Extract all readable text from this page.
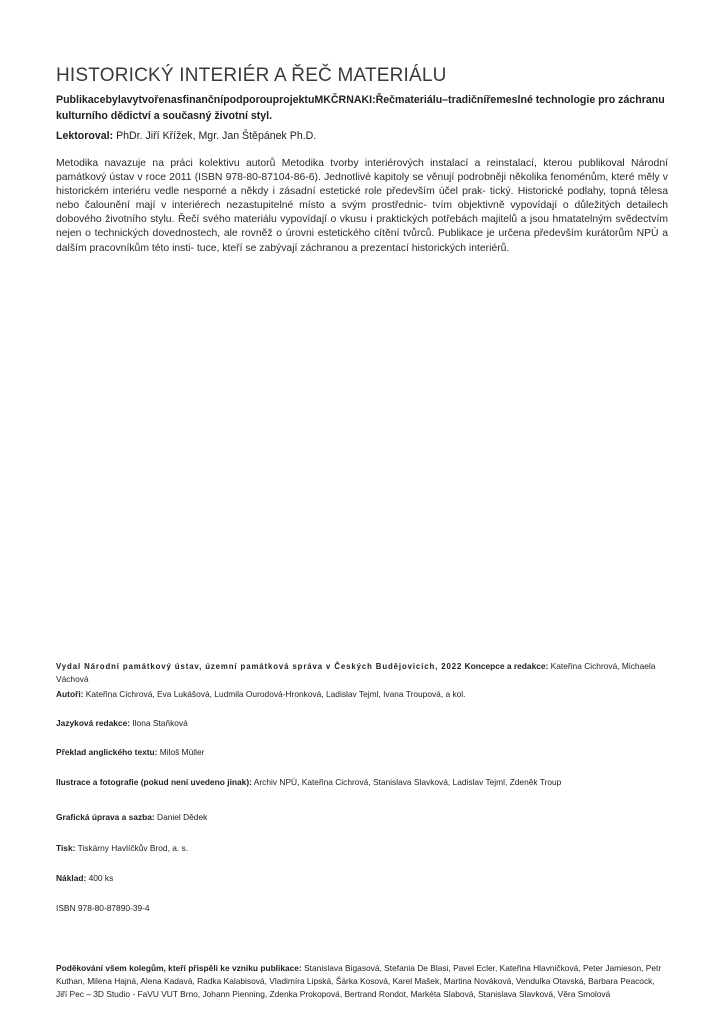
HISTORICKÝ INTERIÉR A ŘEČ MATERIÁLU
PublikacebylavytvořenasfinančnípodporouprojektuMKČRNAKI:Řečmateriálu–tradičnířemeslné technologie pro záchranu kulturního dědictví a současný životní styl.
Lektoroval: PhDr. Jiří Křížek, Mgr. Jan Štěpánek Ph.D.
Metodika navazuje na práci kolektivu autorů Metodika tvorby interiérových instalací a reinstalací, kterou publikoval Národní památkový ústav v roce 2011 (ISBN 978-80-87104-86-6). Jednotlivé kapitoly se věnují podrobněji několika fenoménům, které měly v historickém interiéru vedle nesporné a někdy i zásadní estetické role především účel prak- tický. Historické podlahy, topná tělesa nebo čalounění mají v interiérech nezastupitelné místo a svým prostřednic- tvím objektivně vypovídají o důležitých detailech dobového životního stylu. Řečí svého materiálu vypovídají o vkusu i praktických potřebách majitelů a jsou hmatatelným svědectvím nejen o technických dovednostech, ale rovněž o úrovni estetického cítění tvůrců. Publikace je určena především kurátorům NPÚ a dalším pracovníkům této insti- tuce, kteří se zabývají záchranou a prezentací historických interiérů.
Vydal Národní památkový ústav, územní památková správa v Českých Budějovicích, 2022 Koncepce a redakce: Kateřina Cichrová, Michaela Váchová
Autoři: Kateřina Cichrová, Eva Lukášová, Ludmila Ourodová-Hronková, Ladislav Tejml, Ivana Troupová, a kol.
Jazyková redakce: Ilona Staňková
Překlad anglického textu: Miloš Müller
Ilustrace a fotografie (pokud není uvedeno jinak): Archiv NPÚ, Kateřina Cichrová, Stanislava Slavková, Ladislav Tejml, Zdeněk Troup
Grafická úprava a sazba: Daniel Dědek
Tisk: Tiskárny Havlíčkův Brod, a. s.
Náklad: 400 ks
ISBN 978-80-87890-39-4
Poděkování všem kolegům, kteří přispěli ke vzniku publikace: Stanislava Bigasová, Stefania De Blasi, Pavel Ecler, Kateřina Hlavničková, Peter Jamieson, Petr Kuthan, Milena Hajná, Alena Kadavá, Radka Kalabisová, Vladimíra Lipská, Šárka Kosová, Karel Mašek, Martina Nováková, Vendulka Otavská, Barbara Peacock, Jiří Pec – 3D Studio - FaVU VUT Brno, Johann Pienning, Zdenka Prokopová, Bertrand Rondot, Markéta Slabová, Stanislava Slavková, Věra Smolová
